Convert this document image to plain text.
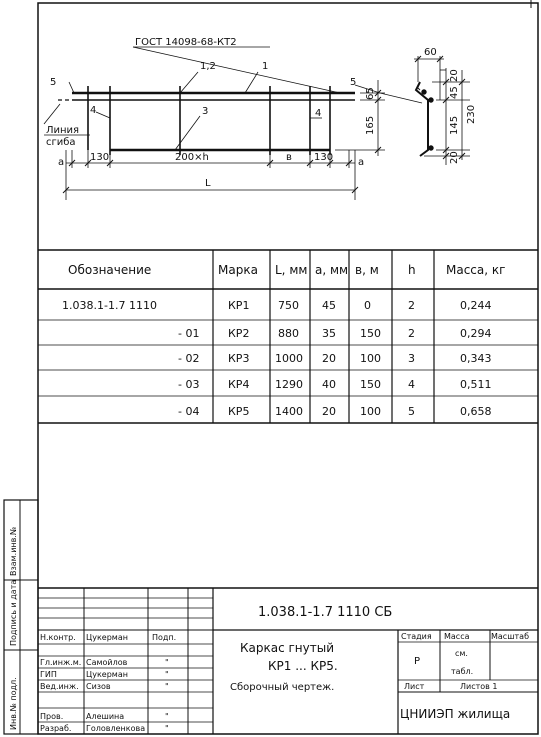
ГОСТ 14098-68-КТ2
1,2	1
3
5	5
4	4
Линия
сгиба
a	130	200×h	в 130 a
L
65
165
60
20
45
145
230
20
Обозначение	Марка L, мм a, мм в, м h	Масса, кг
1.038.1-1.7 1110	КР1	750 45	0	2	0,244
- 01	КР2	880 35 150 2	0,294
- 02	КР3 1000 20 100 3	0,343
- 03	КР4 1290 40 150 4	0,511
- 04	КР5 1400 20 100 5	0,658
Взам.инв.№
Подпись и дата
Инв.№ подл.
1.038.1-1.7 1110 СБ
Каркас гнутый
КР1 ... КР5.
Сборочный чертеж.
Стадия Масса	Масштаб
Р
см.
табл.
Лист	Листов 1
ЦНИИЭП жилища
Н.контр. Цукерман	Подп.
Гл.инж.м. Самойлов	"
ГИП	Цукерман	"
Вед.инж. Сизов	"
Пров.	Алешина	"
Разраб. Головленкова "
